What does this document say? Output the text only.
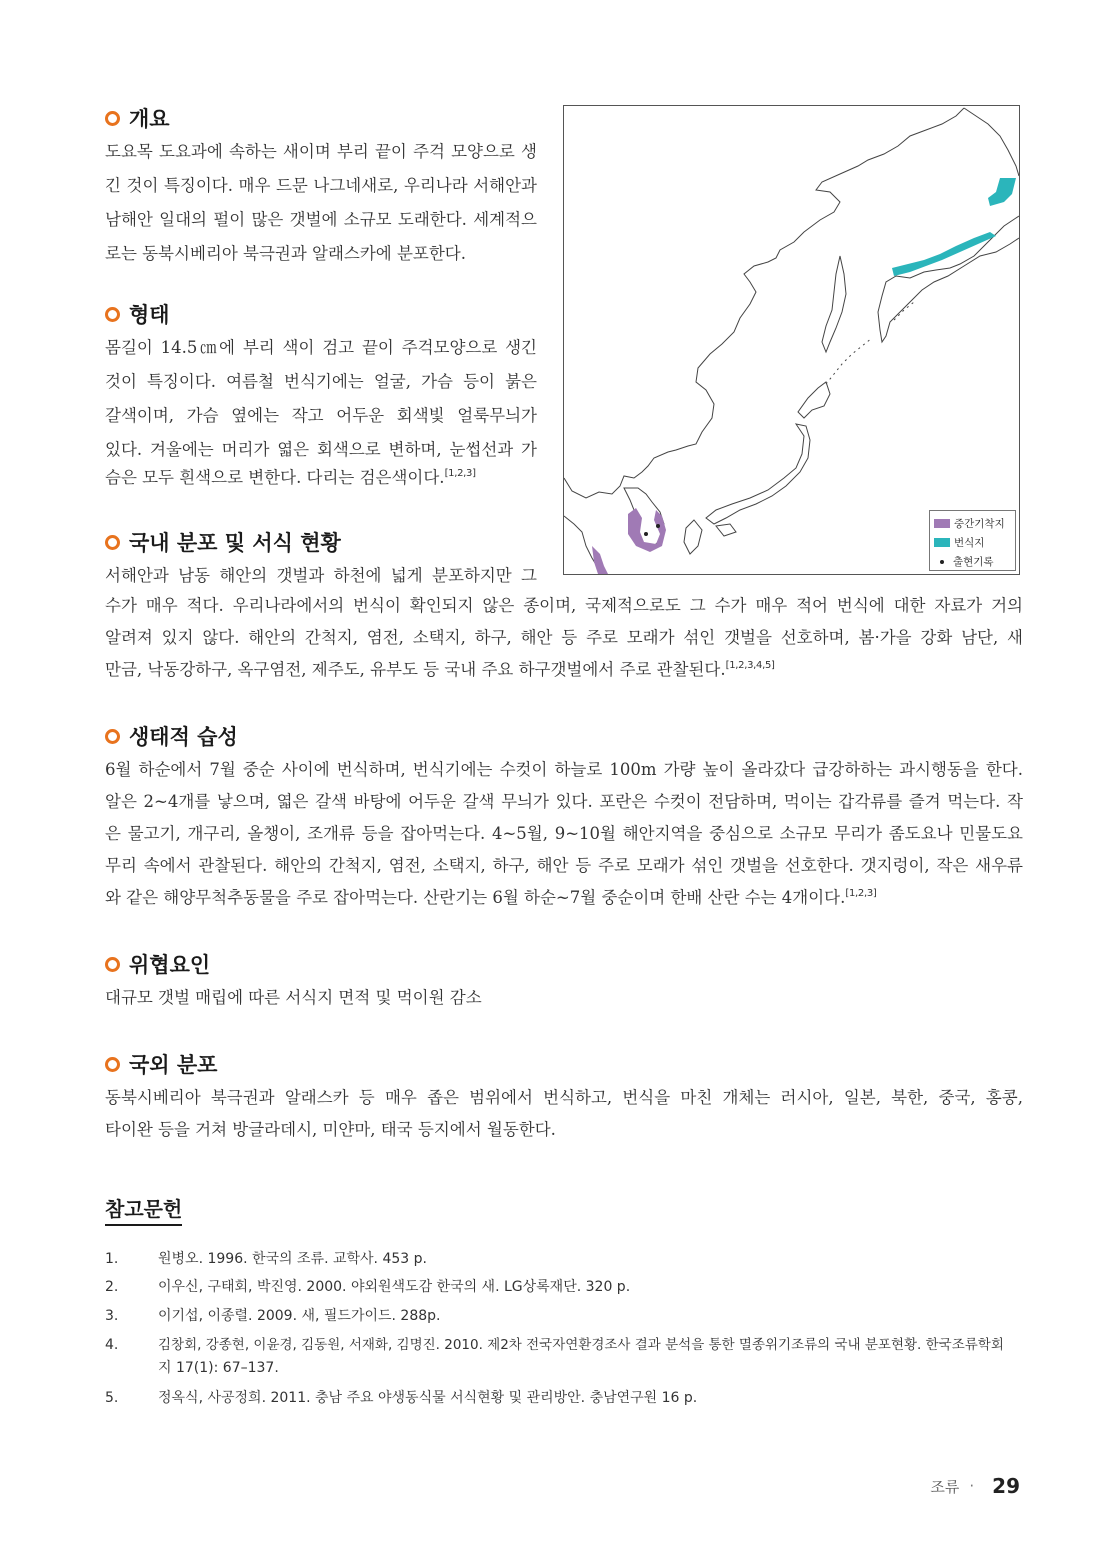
개요
도요목 도요과에 속하는 새이며 부리 끝이 주걱 모양으로 생
긴 것이 특징이다. 매우 드문 나그네새로, 우리나라 서해안과
남해안 일대의 펄이 많은 갯벌에 소규모 도래한다. 세계적으
로는 동북시베리아 북극권과 알래스카에 분포한다.
형태
몸길이 14.5㎝에 부리 색이 검고 끝이 주걱모양으로 생긴
것이 특징이다. 여름철 번식기에는 얼굴, 가슴 등이 붉은
갈색이며, 가슴 옆에는 작고 어두운 회색빛 얼룩무늬가
있다. 겨울에는 머리가 엷은 회색으로 변하며, 눈썹선과 가
슴은 모두 흰색으로 변한다. 다리는 검은색이다.[1,2,3]
중간기착지
번식지
출현기록
국내 분포 및 서식 현황
서해안과 남동 해안의 갯벌과 하천에 넓게 분포하지만 그
수가 매우 적다. 우리나라에서의 번식이 확인되지 않은 종이며, 국제적으로도 그 수가 매우 적어 번식에 대한 자료가 거의
알려져 있지 않다. 해안의 간척지, 염전, 소택지, 하구, 해안 등 주로 모래가 섞인 갯벌을 선호하며, 봄·가을 강화 남단, 새
만금, 낙동강하구, 옥구염전, 제주도, 유부도 등 국내 주요 하구갯벌에서 주로 관찰된다.[1,2,3,4,5]
생태적 습성
6월 하순에서 7월 중순 사이에 번식하며, 번식기에는 수컷이 하늘로 100m 가량 높이 올라갔다 급강하하는 과시행동을 한다.
알은 2~4개를 낳으며, 엷은 갈색 바탕에 어두운 갈색 무늬가 있다. 포란은 수컷이 전담하며, 먹이는 갑각류를 즐겨 먹는다. 작
은 물고기, 개구리, 올챙이, 조개류 등을 잡아먹는다. 4~5월, 9~10월 해안지역을 중심으로 소규모 무리가 좀도요나 민물도요
무리 속에서 관찰된다. 해안의 간척지, 염전, 소택지, 하구, 해안 등 주로 모래가 섞인 갯벌을 선호한다. 갯지렁이, 작은 새우류
와 같은 해양무척추동물을 주로 잡아먹는다. 산란기는 6월 하순~7월 중순이며 한배 산란 수는 4개이다.[1,2,3]
위협요인
대규모 갯벌 매립에 따른 서식지 면적 및 먹이원 감소
국외 분포
동북시베리아 북극권과 알래스카 등 매우 좁은 범위에서 번식하고, 번식을 마친 개체는 러시아, 일본, 북한, 중국, 홍콩,
타이완 등을 거쳐 방글라데시, 미얀마, 태국 등지에서 월동한다.
참고문헌
1.	원병오. 1996. 한국의 조류. 교학사. 453 p.
2.	이우신, 구태회, 박진영. 2000. 야외원색도감 한국의 새. LG상록재단. 320 p.
3.	이기섭, 이종렬. 2009. 새, 필드가이드. 288p.
4.	김창회, 강종현, 이윤경, 김동원, 서재화, 김명진. 2010. 제2차 전국자연환경조사 결과 분석을 통한 멸종위기조류의 국내 분포현황. 한국조류학회
지 17(1): 67–137.
5.	정옥식, 사공정희. 2011. 충남 주요 야생동식물 서식현황 및 관리방안. 충남연구원 16 p.
조류 · 29
